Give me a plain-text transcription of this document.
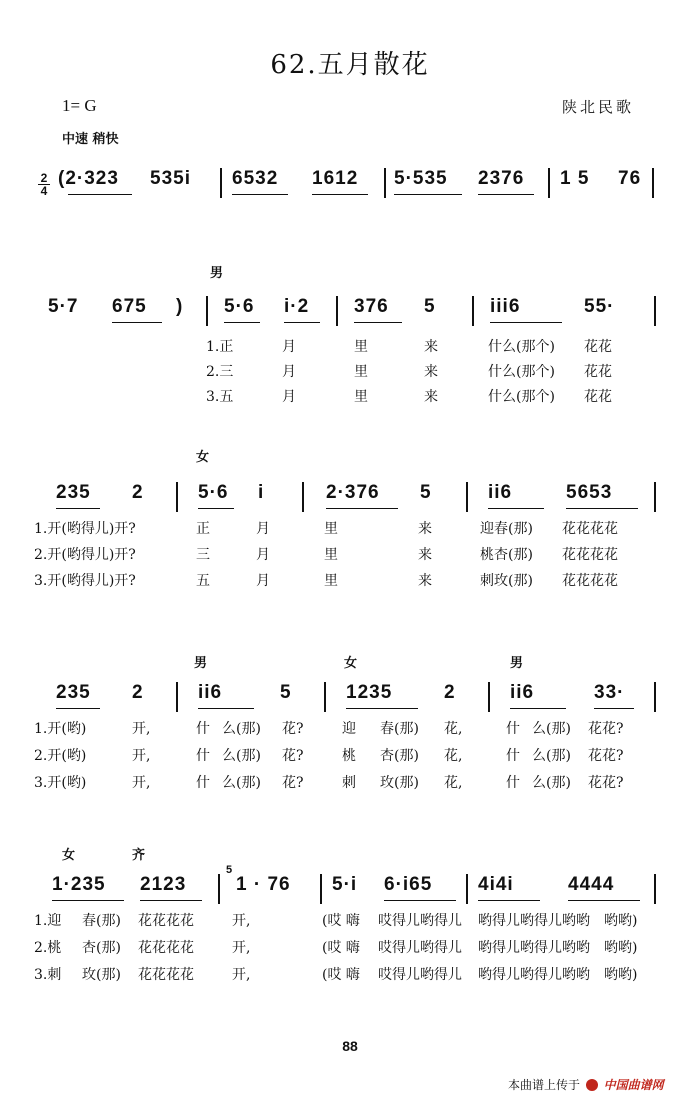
62.五月散花
1= G	陕北民歌
中速 稍快
2
4
(2·323 535i 6532 1612 5·535 2376 1 5 76
男
5·7 675 ) 5·6 i·2 376 5	iii6	55·
1.正	月	里	来	什么(那个) 花花
2.三	月	里	来	什么(那个) 花花
3.五	月	里	来	什么(那个) 花花
女
235 2	5·6 i	2·376 5	ii6	5653
1.开(哟得儿)开?	正	月	里	来	迎春(那) 花花花花
2.开(哟得儿)开?	三	月	里	来	桃杏(那) 花花花花
3.开(哟得儿)开?	五	月	里	来	刺玫(那) 花花花花
男	女	男
235 2	ii6	5	1235	2	ii6	33·
1.开(哟)	开,	什 么(那) 花?	迎 春(那) 花,	什 么(那) 花花?
2.开(哟)	开,	什 么(那) 花?	桃 杏(那) 花,	什 么(那) 花花?
3.开(哟)	开,	什 么(那) 花?	刺 玫(那) 花,	什 么(那) 花花?
女	齐
1·235 2123
5
1 · 76 5·i 6·i65 4i4i	4444
1.迎 春(那) 花花花花	开,	(哎 嗨 哎得儿哟得儿 哟得儿哟得儿哟哟 哟哟)
2.桃 杏(那) 花花花花	开,	(哎 嗨 哎得儿哟得儿 哟得儿哟得儿哟哟 哟哟)
3.刺 玫(那) 花花花花	开,	(哎 嗨 哎得儿哟得儿 哟得儿哟得儿哟哟 哟哟)
88
本曲谱上传于 中国曲谱网
